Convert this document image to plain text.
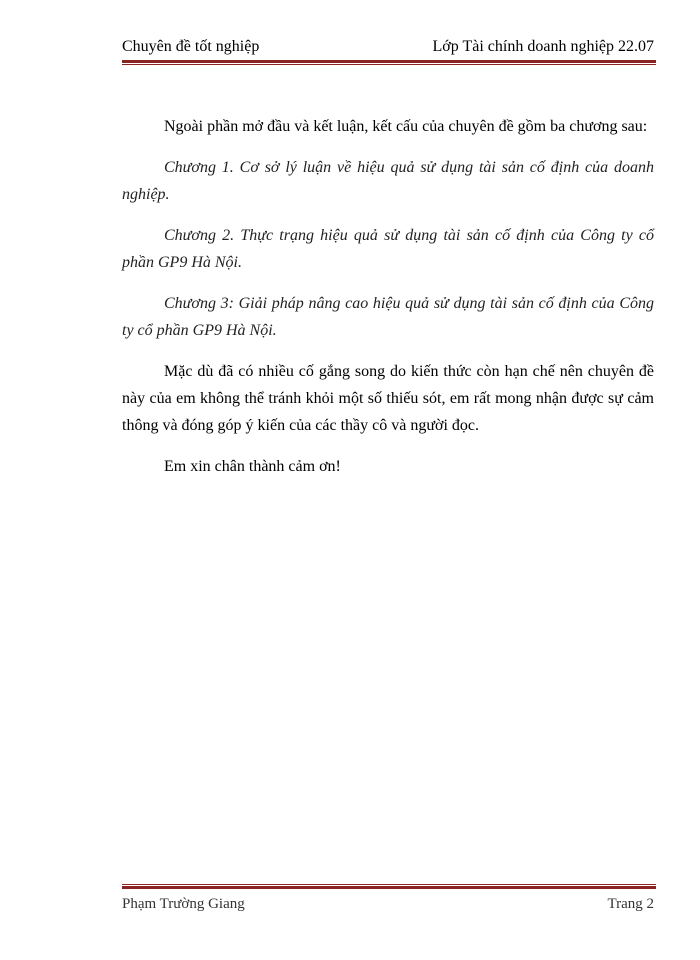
Chuyên đề tốt nghiệp	Lớp Tài chính doanh nghiệp 22.07

Ngoài phần mở đầu và kết luận, kết cấu của chuyên đề gồm ba chương sau:

Chương 1. Cơ sở lý luận về hiệu quả sử dụng tài sản cố định của doanh nghiệp.

Chương 2. Thực trạng hiệu quả sử dụng tài sản cố định của Công ty cổ phần GP9 Hà Nội.

Chương 3: Giải pháp nâng cao hiệu quả sử dụng tài sản cố định của Công ty cổ phần GP9 Hà Nội.

Mặc dù đã có nhiều cố gắng song do kiến thức còn hạn chế nên chuyên đề này của em không thể tránh khỏi một số thiếu sót, em rất mong nhận được sự cảm thông và đóng góp ý kiến của các thầy cô và người đọc.

Em xin chân thành cảm ơn!

Phạm Trường Giang	Trang 2
